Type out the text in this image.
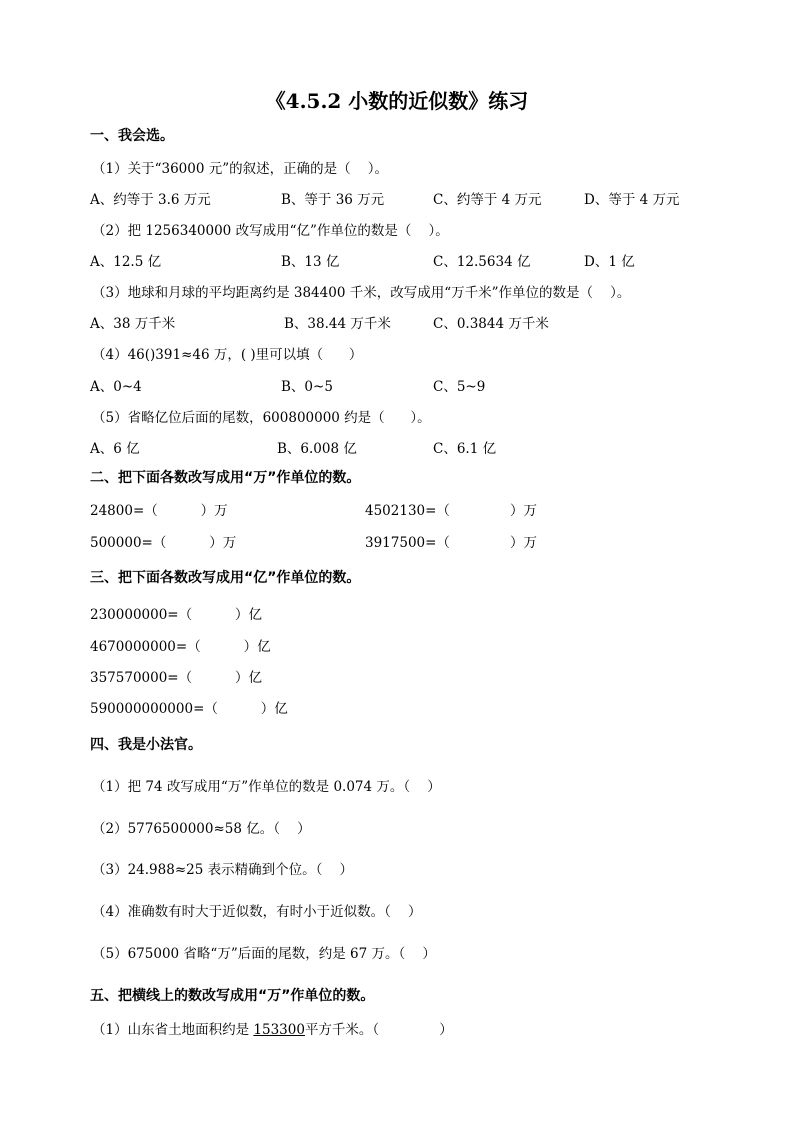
《4.5.2 小数的近似数》练习
一、我会选。
（1）关于“36000 元”的叙述，正确的是（    ）。
A、约等于 3.6 万元	B、等于 36 万元	C、约等于 4 万元	D、等于 4 万元
（2）把 1256340000 改写成用“亿”作单位的数是（    ）。
A、12.5 亿	B、13 亿	C、12.5634 亿	D、1 亿
（3）地球和月球的平均距离约是 384400 千米，改写成用“万千米”作单位的数是（    ）。
A、38 万千米	B、38.44 万千米	C、0.3844 万千米
（4）46()391≈46 万，( )里可以填（      ）
A、0~4	B、0~5	C、5~9
（5）省略亿位后面的尾数，600800000 约是（      ）。
A、6 亿	B、6.008 亿	C、6.1 亿
二、把下面各数改写成用“万”作单位的数。
24800=（          ）万	4502130=（              ）万
500000=（          ）万	3917500=（              ）万
三、把下面各数改写成用“亿”作单位的数。
230000000=（          ）亿
4670000000=（          ）亿
357570000=（          ）亿
590000000000=（          ）亿
四、我是小法官。
（1）把 74 改写成用“万”作单位的数是 0.074 万。（    ）
（2）5776500000≈58 亿。（    ）
（3）24.988≈25 表示精确到个位。（    ）
（4）准确数有时大于近似数，有时小于近似数。（    ）
（5）675000 省略“万”后面的尾数，约是 67 万。（    ）
五、把横线上的数改写成用“万”作单位的数。
（1）山东省土地面积约是 153300平方千米。（              ）
